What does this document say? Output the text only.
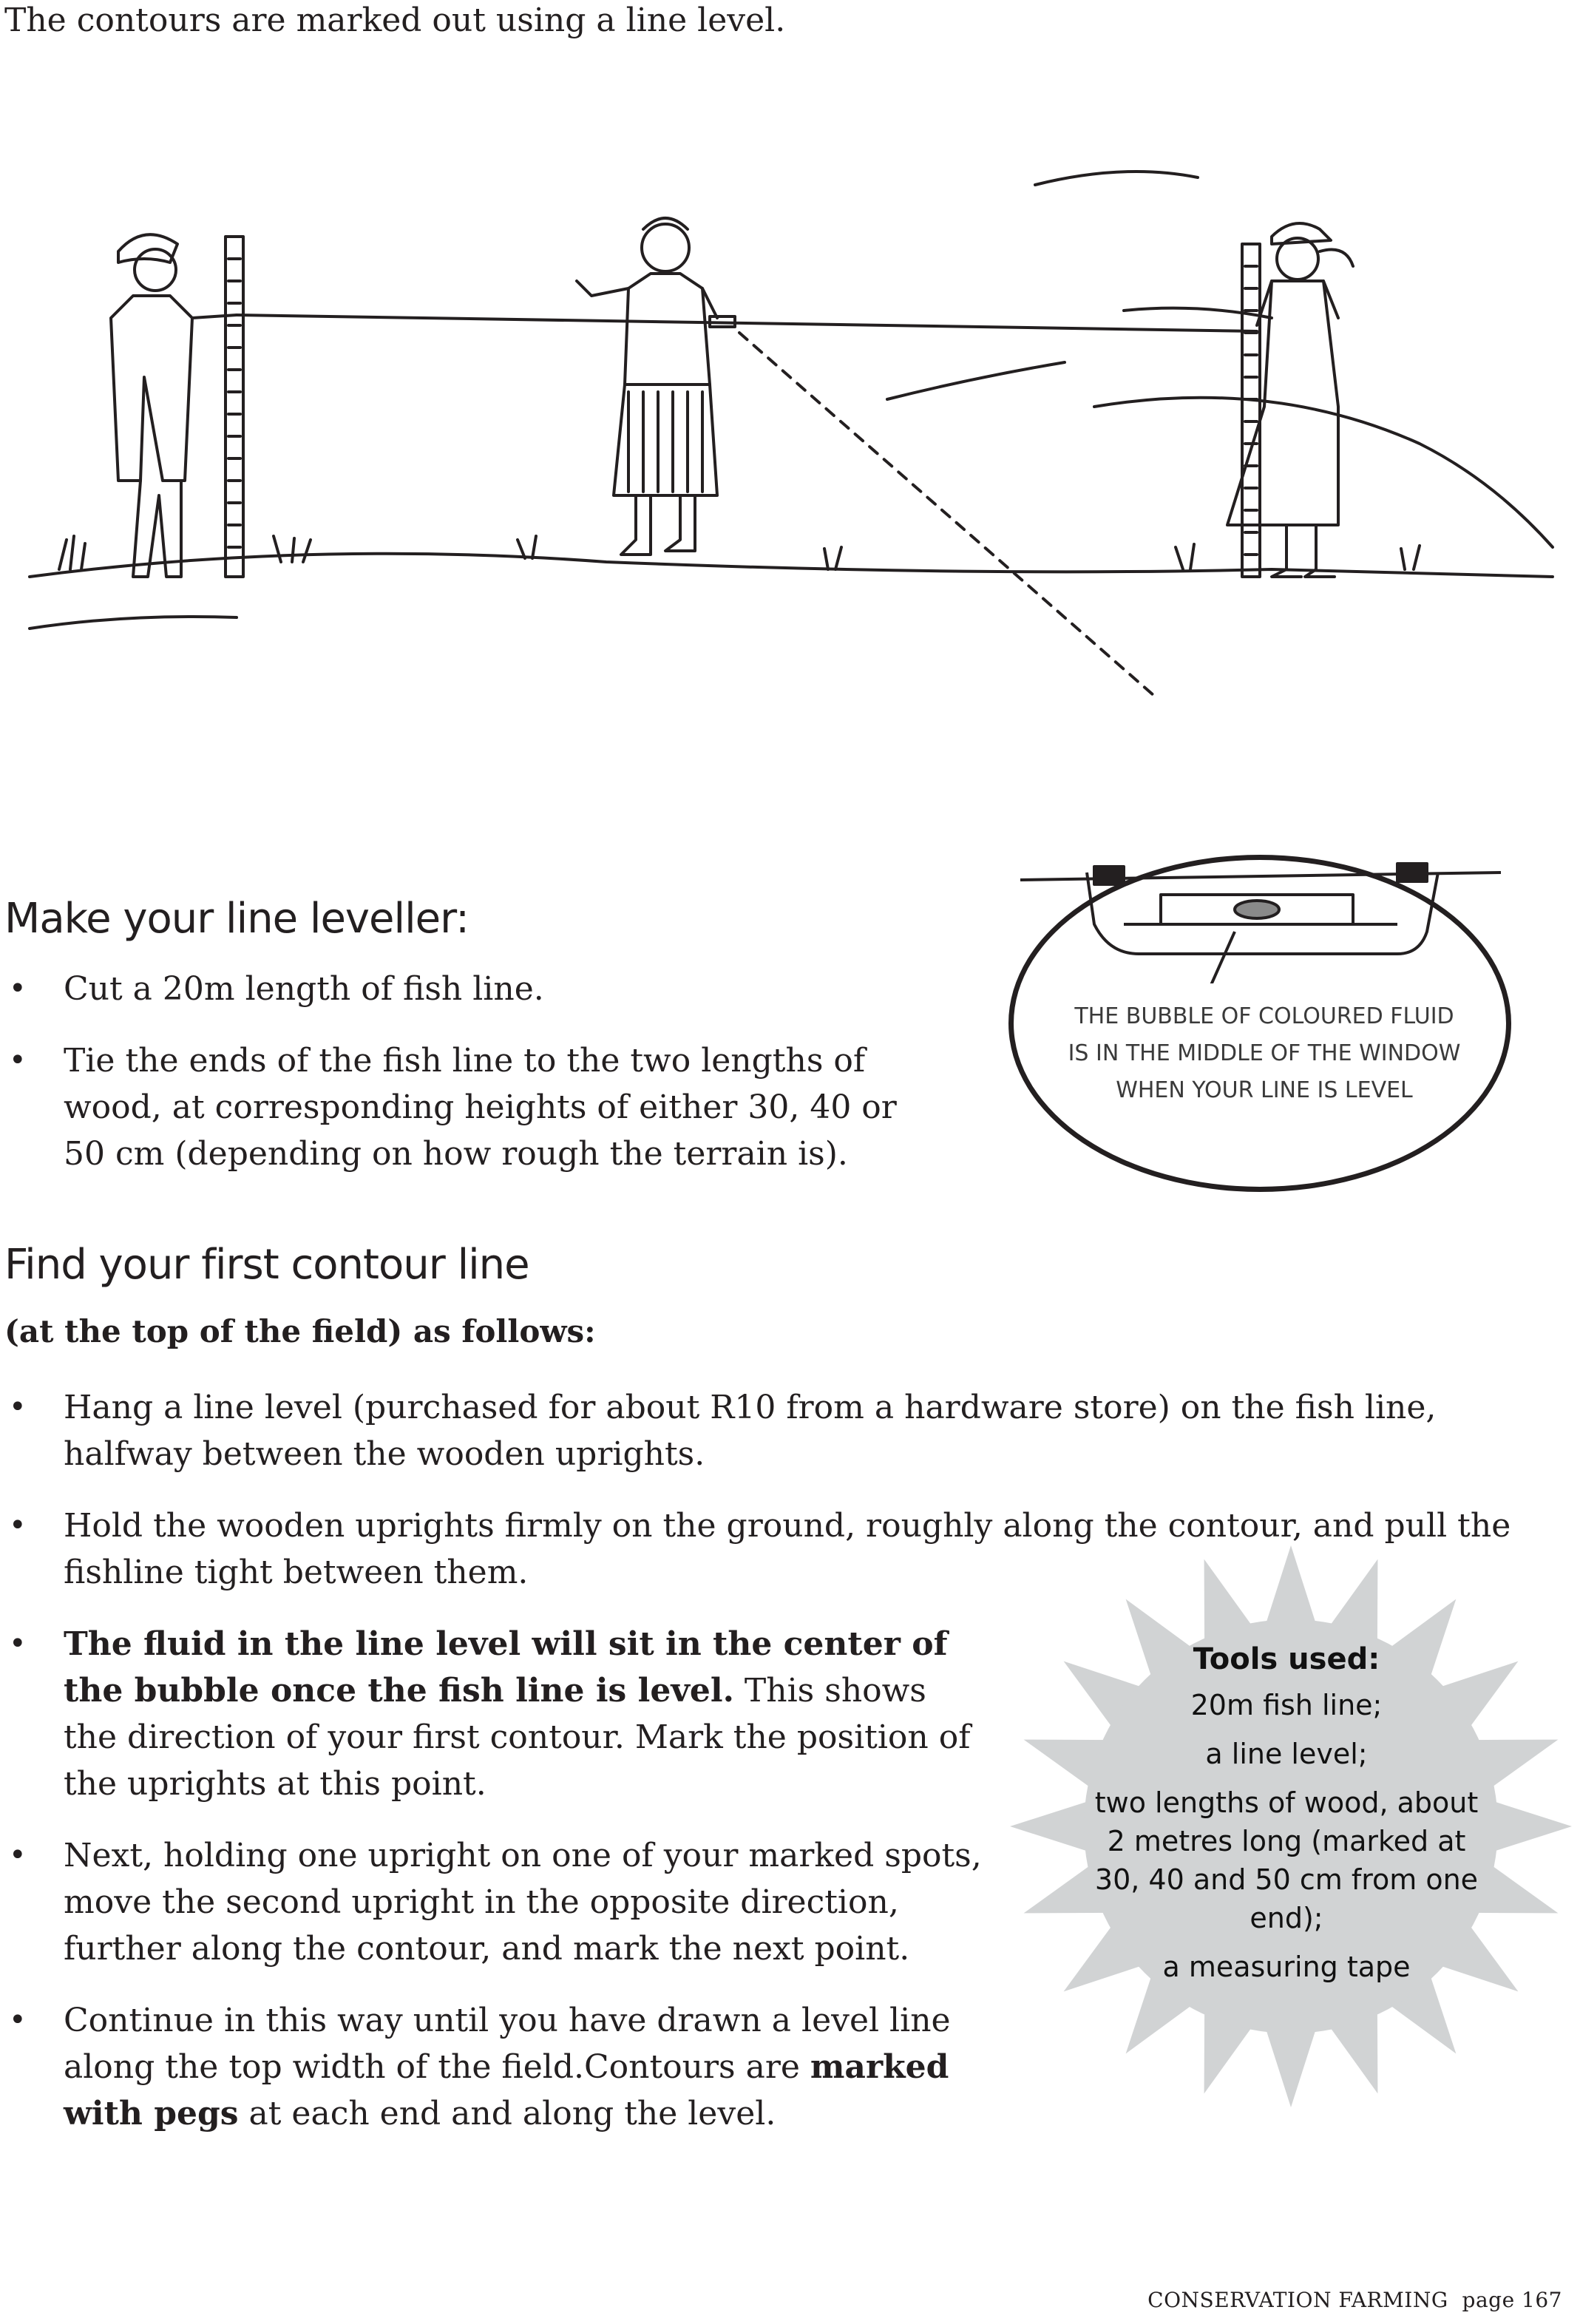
The contours are marked out using a line level.
Make your line leveller:
• Cut a 20m length of fish line.
• Tie the ends of the fish line to the two lengths of wood, at corresponding heights of either 30, 40 or 50 cm (depending on how rough the terrain is).
THE BUBBLE OF COLOURED FLUID IS IN THE MIDDLE OF THE WINDOW WHEN YOUR LINE IS LEVEL
Find your first contour line
(at the top of the field) as follows:
• Hang a line level (purchased for about R10 from a hardware store) on the fish line, halfway between the wooden uprights.
• Hold the wooden uprights firmly on the ground, roughly along the contour, and pull the fishline tight between them.
• The fluid in the line level will sit in the center of the bubble once the fish line is level. This shows the direction of your first contour. Mark the position of the uprights at this point.
• Next, holding one upright on one of your marked spots, move the second upright in the opposite direction, further along the contour, and mark the next point.
• Continue in this way until you have drawn a level line along the top width of the field.Contours are marked with pegs at each end and along the level.
Tools used:
20m fish line;
a line level;
two lengths of wood, about 2 metres long (marked at 30, 40 and 50 cm from one end);
a measuring tape
CONSERVATION FARMING  page 167
